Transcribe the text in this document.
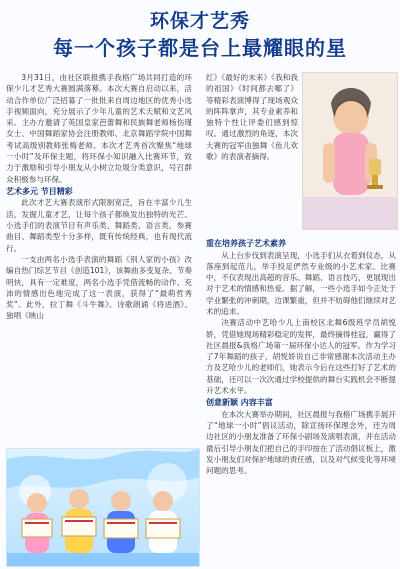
环保才艺秀
每一个孩子都是台上最耀眼的星

3月31日，由社区联报携手我格广场共同打造的环保少儿才艺秀大赛圆满落幕。本次大赛自启动以来，活动合作单位广泛招募了一批批来自周边地区的优秀小选手视频面向，充分展示了少年儿童的艺术天赋和文艺风采。主办方邀请了英国皇家芭蕾舞和民族舞老师杨伤瑾女士、中国舞蹈家协会注册教师、北京舞蹈学院中国舞考试高级别教师张梅老师。本次才艺秀首次聚焦“地球一小时”及环保主题，将环保小知识融入比赛环节，致力于激励和引导小朋友从小树立垃圾分类意识，号召群众积极参与环保。

艺术多元 节目精彩

此次才艺大赛表演形式限制宽泛，旨在丰富少儿生活，发掘儿童才艺，让每个孩子都焕发出独特的光芒。小选手们的表演节目有声乐类、舞蹈类、语言类，参赛曲目、舞蹈类型十分多样，既有传统经典，也有现代流行。

一支由两名小选手表演的舞蹈《别人家的小孩》改编自热门综艺节目《创造101》，该舞曲多变复杂、节奏明快，具有一定难度，两名小选手凭借流畅的动作、充沛的情感出色地完成了这一表演，获得了“最萌哲秀奖”。此外，拉丁舞《斗牛舞》、诗歌朗诵《将进酒》、独唱《映山

红》《最好的未来》《我和我的祖国》《时间都去哪了》等精彩表演博得了现场观众的阵阵掌声，其专业素养和独特个性让评委们感到惊叹。通过激烈的角逐，本次大赛的冠军由独舞《鱼儿欢歌》的表演者摘得。

重在培养孩子艺术素养

从上台步伐到表演呈现，小选手们从衣着到仪态，从落座到起范儿，举手投足俨然专业级的小艺术家。比赛中，不仅表现出高超的音乐、舞蹈、语言技巧，更展现出对于艺术的情感和热爱。据了解，一些小选手如今正处于学业繁张的冲刺期，边课繁重，但并不妨碍他们继续对艺术的追求。

决赛活动中艺哈少儿上南校区北舞6级班学员胡悦娇，凭借她现场精彩稳定的发挥，最终摘得桂冠，赢得了社区晨报&我格广场第一届环保小达人的冠军。作为学习了7年舞蹈的孩子，胡悦娇说自己非常感谢本次活动主办方及艺哈少儿的老师们，她表示今后在这些打好了艺术的基础，还可以一次次通过学校提供的舞台实践机会不断提升艺术水平。

创意新颖 内容丰富

在本次大赛举办期间，社区晨报与我格广场携手展开了“地球一小时”倡议活动，除宣扬环保理念外，还为周边社区的小朋友准备了环保小剧场及演唱表演，并在活动最后引导小朋友们把自己的手印按在了活动倡议板上，激发小朋友们对保护地球的责任感，以及对气候变化等环境问题的思考。
